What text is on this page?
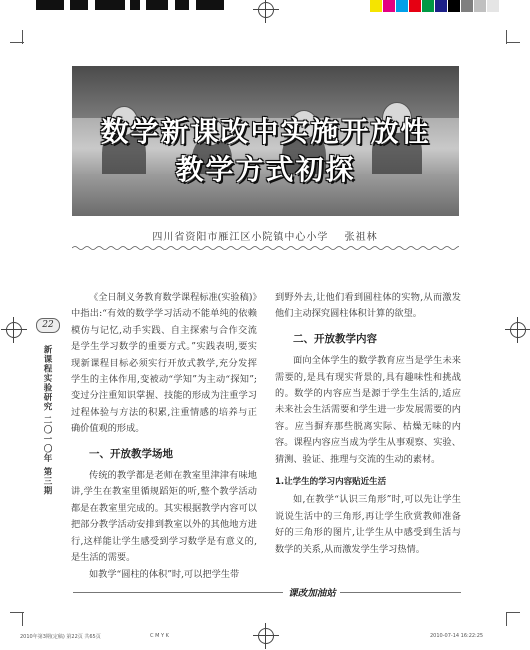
数学新课改中实施开放性
教学方式初探
四川省资阳市雁江区小院镇中心小学 张祖林
22
新课程实验研究 二〇一〇年 第三期

《全日制义务教育数学课程标准(实验稿)》中指出:“有效的数学学习活动不能单纯的依赖模仿与记忆,动手实践、自主探索与合作交流是学生学习数学的重要方式。”实践表明,要实现新课程目标必须实行开放式教学,充分发挥学生的主体作用,变被动“学知”为主动“探知”;变过分注重知识掌握、技能的形成为注重学习过程体验与方法的积累,注重情感的培养与正确价值观的形成。

一、开放教学场地

传统的教学都是老师在教室里津津有味地讲,学生在教室里循规蹈矩的听,整个教学活动都是在教室里完成的。其实根据教学内容可以把部分教学活动安排到教室以外的其他地方进行,这样能让学生感受到学习数学是有意义的,是生活的需要。

如教学“圆柱的体积”时,可以把学生带

到野外去,让他们看到圆柱体的实物,从而激发他们主动探究圆柱体积计算的欲望。

二、开放教学内容

面向全体学生的数学教育应当是学生未来需要的,是具有现实背景的,具有趣味性和挑战的。数学的内容应当是源于学生生活的,适应未来社会生活需要和学生进一步发展需要的内容。应当摒弃那些脱离实际、枯燥无味的内容。课程内容应当成为学生从事观察、实验、猜测、验证、推理与交流的生动的素材。

1.让学生的学习内容贴近生活

如,在教学“认识三角形”时,可以先让学生说说生活中的三角形,再让学生欣赏教师准备好的三角形的图片,让学生从中感受到生活与数学的关系,从而激发学生学习热情。

课改加油站
2010年第3期(定稿) 第22页 共65页	C M Y K	2010-07-14 16:22:25
